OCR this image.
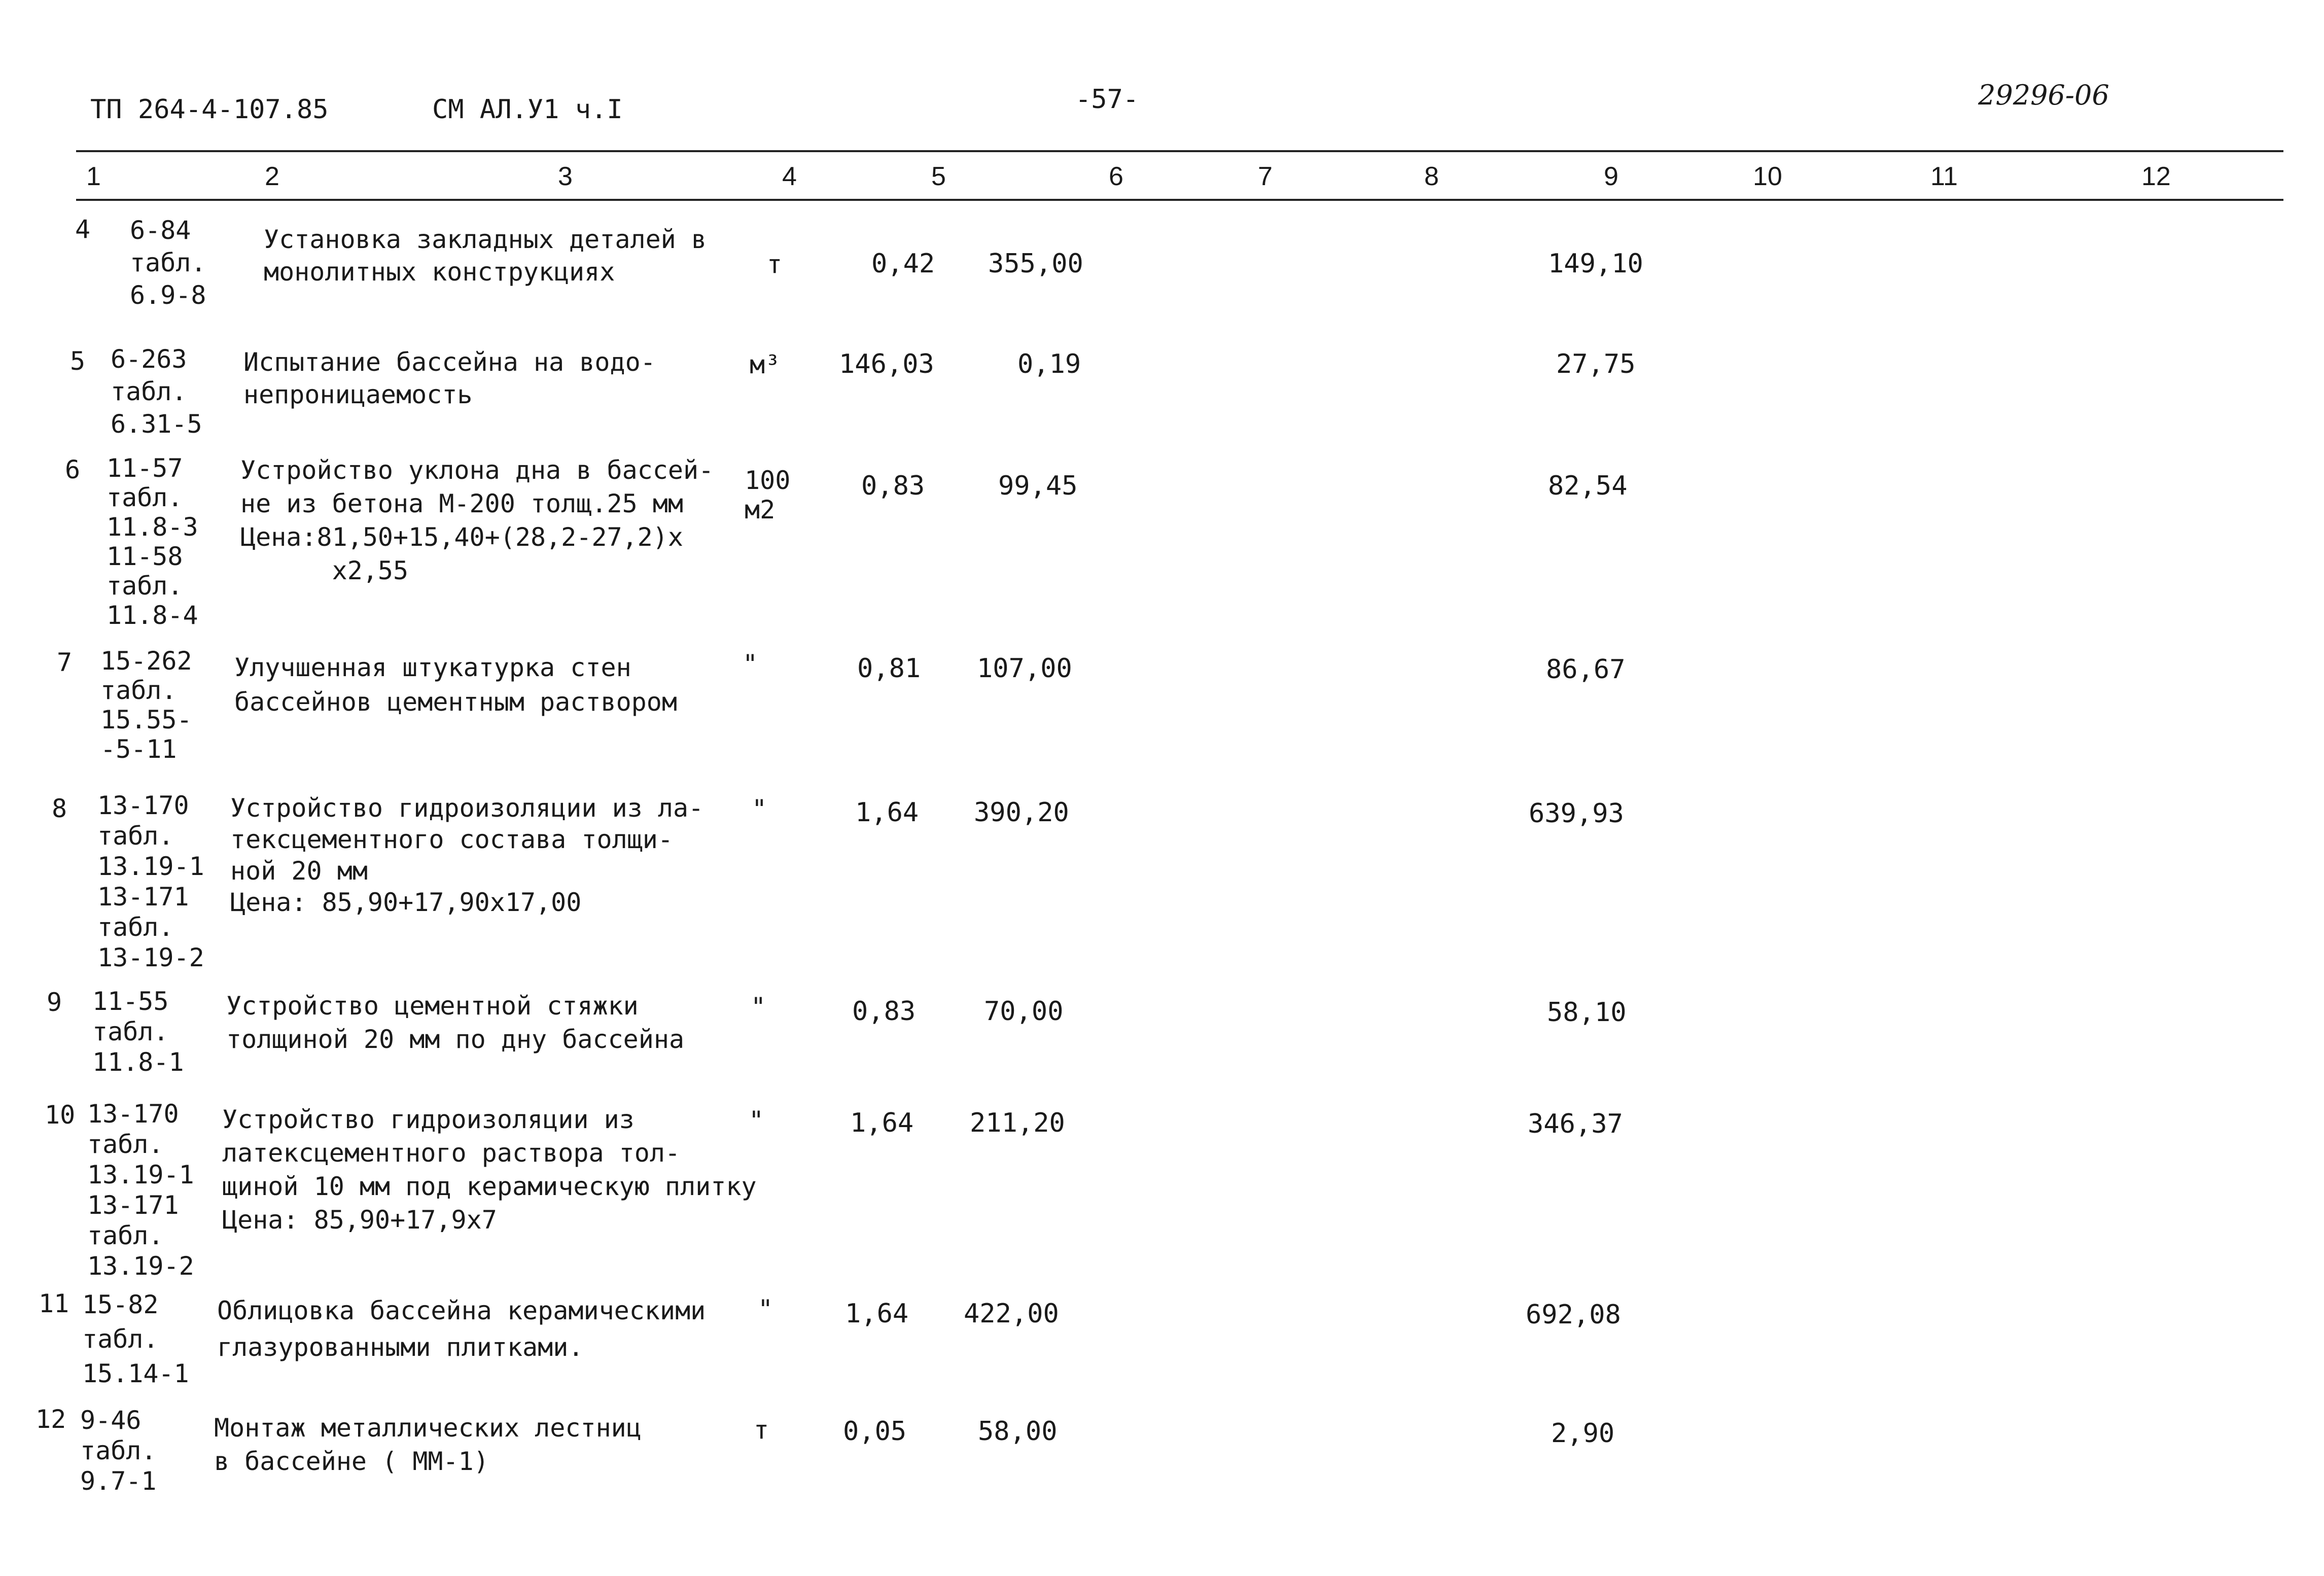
ТП 264-4-107.85	СМ АЛ.У1 ч.I	-57-	29296-06
1	2	3	4	5	6	7	8	9	10	11	12
4 6-84
табл.
6.9-8
Установка закладных деталей в
монолитных конструкциях	т	0,42 355,00	149,10
5 6-263
табл.
6.31-5
Испытание бассейна на водо-
непроницаемость
м³ 146,03	0,19	27,75
6 11-57
табл.
11.8-3
11-58
табл.
11.8-4
Устройство уклона дна в бассей-
не из бетона М-200 толщ.25 мм
Цена:81,50+15,40+(28,2-27,2)х
х2,55
100
м2
0,83	99,45	82,54
7 15-262
табл.
15.55-
-5-11
Улучшенная штукатурка стен
бассейнов цементным раствором
"	0,81 107,00	86,67
8 13-170
табл.
13.19-1
13-171
табл.
13-19-2
Устройство гидроизоляции из ла-
тексцементного состава толщи-
ной 20 мм
Цена: 85,90+17,90х17,00
"	1,64 390,20	639,93
9 11-55
табл.
11.8-1
Устройство цементной стяжки
толщиной 20 мм по дну бассейна
"	0,83	70,00	58,10
10 13-170
табл.
13.19-1
13-171
табл.
13.19-2
Устройство гидроизоляции из
латексцементного раствора тол-
щиной 10 мм под керамическую плитку
Цена: 85,90+17,9х7
"	1,64 211,20	346,37
11 15-82
табл.
15.14-1
Облицовка бассейна керамическими
глазурованными плитками.
"	1,64 422,00	692,08
12 9-46
табл.
9.7-1
Монтаж металлических лестниц
в бассейне ( ММ-1)
т	0,05	58,00	2,90
